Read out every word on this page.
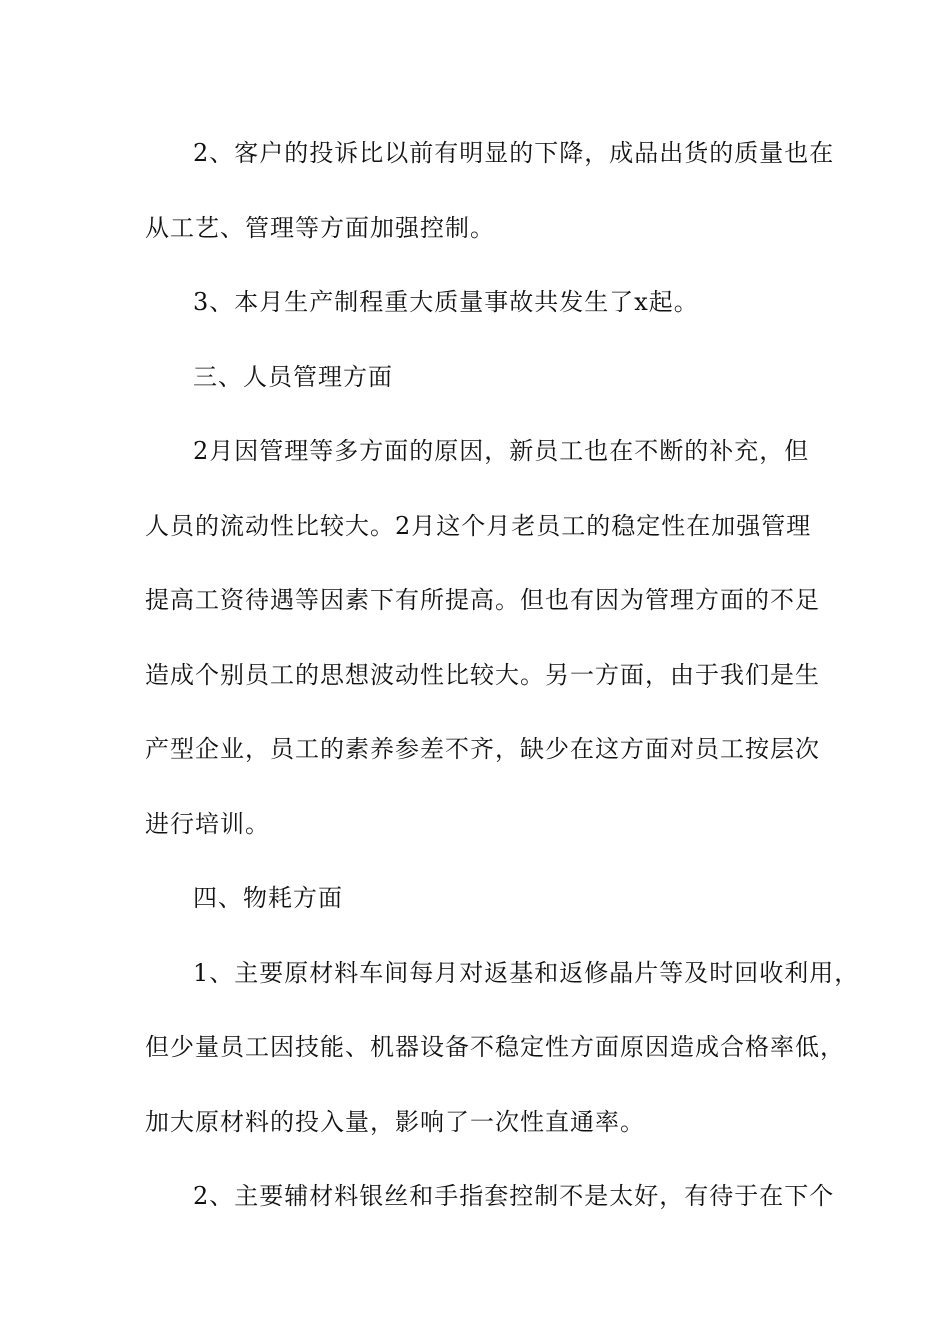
2、客户的投诉比以前有明显的下降，成品出货的质量也在
从工艺、管理等方面加强控制。
3、本月生产制程重大质量事故共发生了x起。
三、人员管理方面
2月因管理等多方面的原因，新员工也在不断的补充，但
人员的流动性比较大。2月这个月老员工的稳定性在加强管理
提高工资待遇等因素下有所提高。但也有因为管理方面的不足
造成个别员工的思想波动性比较大。另一方面，由于我们是生
产型企业，员工的素养参差不齐，缺少在这方面对员工按层次
进行培训。
四、物耗方面
1、主要原材料车间每月对返基和返修晶片等及时回收利用，
但少量员工因技能、机器设备不稳定性方面原因造成合格率低，
加大原材料的投入量，影响了一次性直通率。
2、主要辅材料银丝和手指套控制不是太好，有待于在下个
